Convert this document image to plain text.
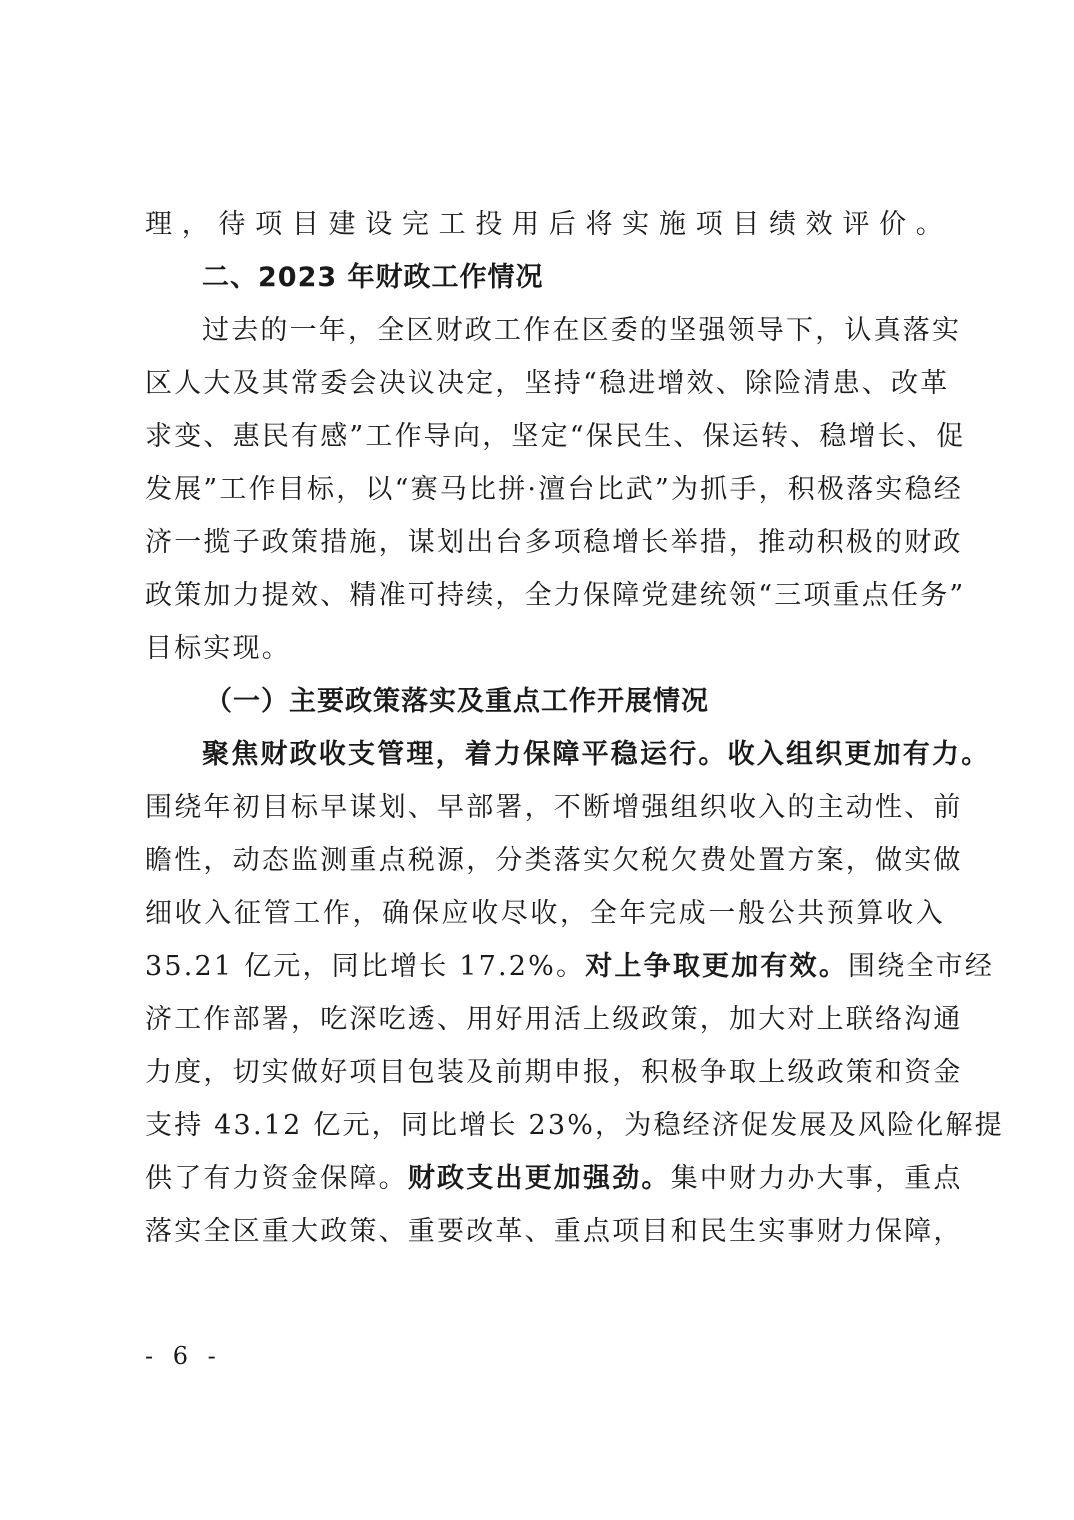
理，待项目建设完工投用后将实施项目绩效评价。
二、2023 年财政工作情况
过去的一年，全区财政工作在区委的坚强领导下，认真落实
区人大及其常委会决议决定，坚持“稳进增效、除险清患、改革
求变、惠民有感”工作导向，坚定“保民生、保运转、稳增长、促
发展”工作目标，以“赛马比拼·澶台比武”为抓手，积极落实稳经
济一揽子政策措施，谋划出台多项稳增长举措，推动积极的财政
政策加力提效、精准可持续，全力保障党建统领“三项重点任务”
目标实现。
（一）主要政策落实及重点工作开展情况
聚焦财政收支管理，着力保障平稳运行。收入组织更加有力。
围绕年初目标早谋划、早部署，不断增强组织收入的主动性、前
瞻性，动态监测重点税源，分类落实欠税欠费处置方案，做实做
细收入征管工作，确保应收尽收，全年完成一般公共预算收入
35.21 亿元，同比增长 17.2%。 对上争取更加有效。 围绕全市经
济工作部署，吃深吃透、用好用活上级政策，加大对上联络沟通
力度，切实做好项目包装及前期申报，积极争取上级政策和资金
支持 43.12 亿元，同比增长 23%，为稳经济促发展及风险化解提
供了有力资金保障。 财政支出更加强劲。 集中财力办大事，重点
落实全区重大政策、重要改革、重点项目和民生实事财力保障，
- 6 -
